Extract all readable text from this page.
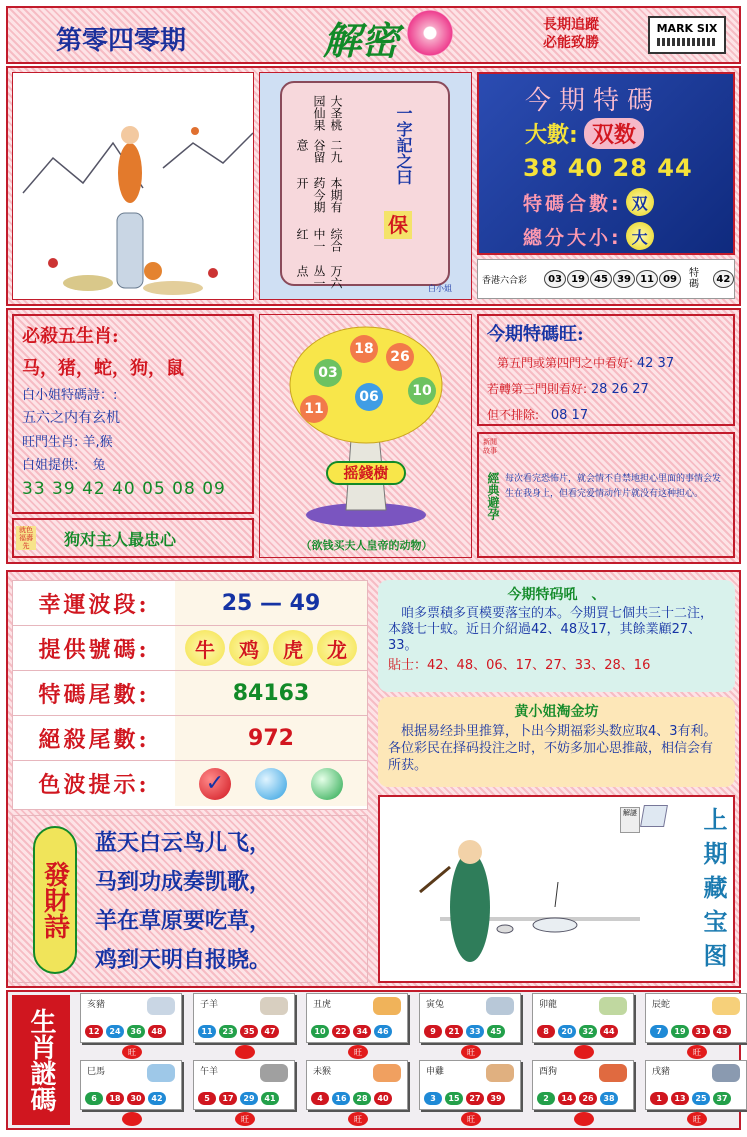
第零四零期	解密	長期追蹤
必能致勝
MARK SIX
大圣桃园仙果
二九谷留意
本期有药今期开
综合中一红
万六丛一点
一字記之曰
保
白小姐
今期特碼
大數: 双数
38 40 28 44
特碼合數: 双
總分大小: 大
香港六合彩	03 19 45 39 11 09	特碼	42
必殺五生肖:
马，猪，蛇，狗，鼠
白小姐特碼詩：:
五六之内有玄机
旺門生肖: 羊,猴
白姐提供: 兔
33 39 42 40 05 08 09
就色福壽先	狗对主人最忠心
18	26
03
06	10
11
摇錢樹
（欲钱买夫人皇帝的动物）
今期特碼旺:
第五門或第四門之中看好: 42 37
若轉第三門則看好: 28 26 27
但不排除: 08 17
新閒故事
經典避孕 每次看完恐怖片，就会情不自禁地担心里面的事情会发生在我身上，但看完爱情动作片就没有这种担心。
幸運波段:	25 — 49
提供號碼:	牛	鸡	虎	龙
特碼尾數:	84163
絕殺尾數:	972
色波提示:	✓
發財詩
蓝天白云鸟儿飞，
马到功成奏凯歌，
羊在草原要吃草，
鸡到天明自报晓。
今期特码吼　、
　咱多票積多頁模要落宝的本。今期買七個共三十二注，本錢七十蚊。近日介紹過42、48及17，其餘業顧27、33。
貼士：42、48、06、17、27、33、28、16
黄小姐淘金坊
　根据易经卦里推算，卜出今期福彩头数应取4、3有利。各位彩民在择码投注之时，不妨多加心思推敲，相信会有所获。
解謎	上期藏宝图
生肖謎碼
亥豬
12	24	36	48
旺
子羊
11	23	35	47
丑虎
10	22	34	46
旺
寅兔
9	21	33	45
旺
卯龍
8	20	32	44
辰蛇
7	19	31	43
旺
巳馬
6	18	30	42
午羊
5	17	29	41
旺
未猴
4	16	28	40
旺
申雞
3	15	27	39
旺
酉狗
2	14	26	38
戌豬
1	13	25	37
旺
